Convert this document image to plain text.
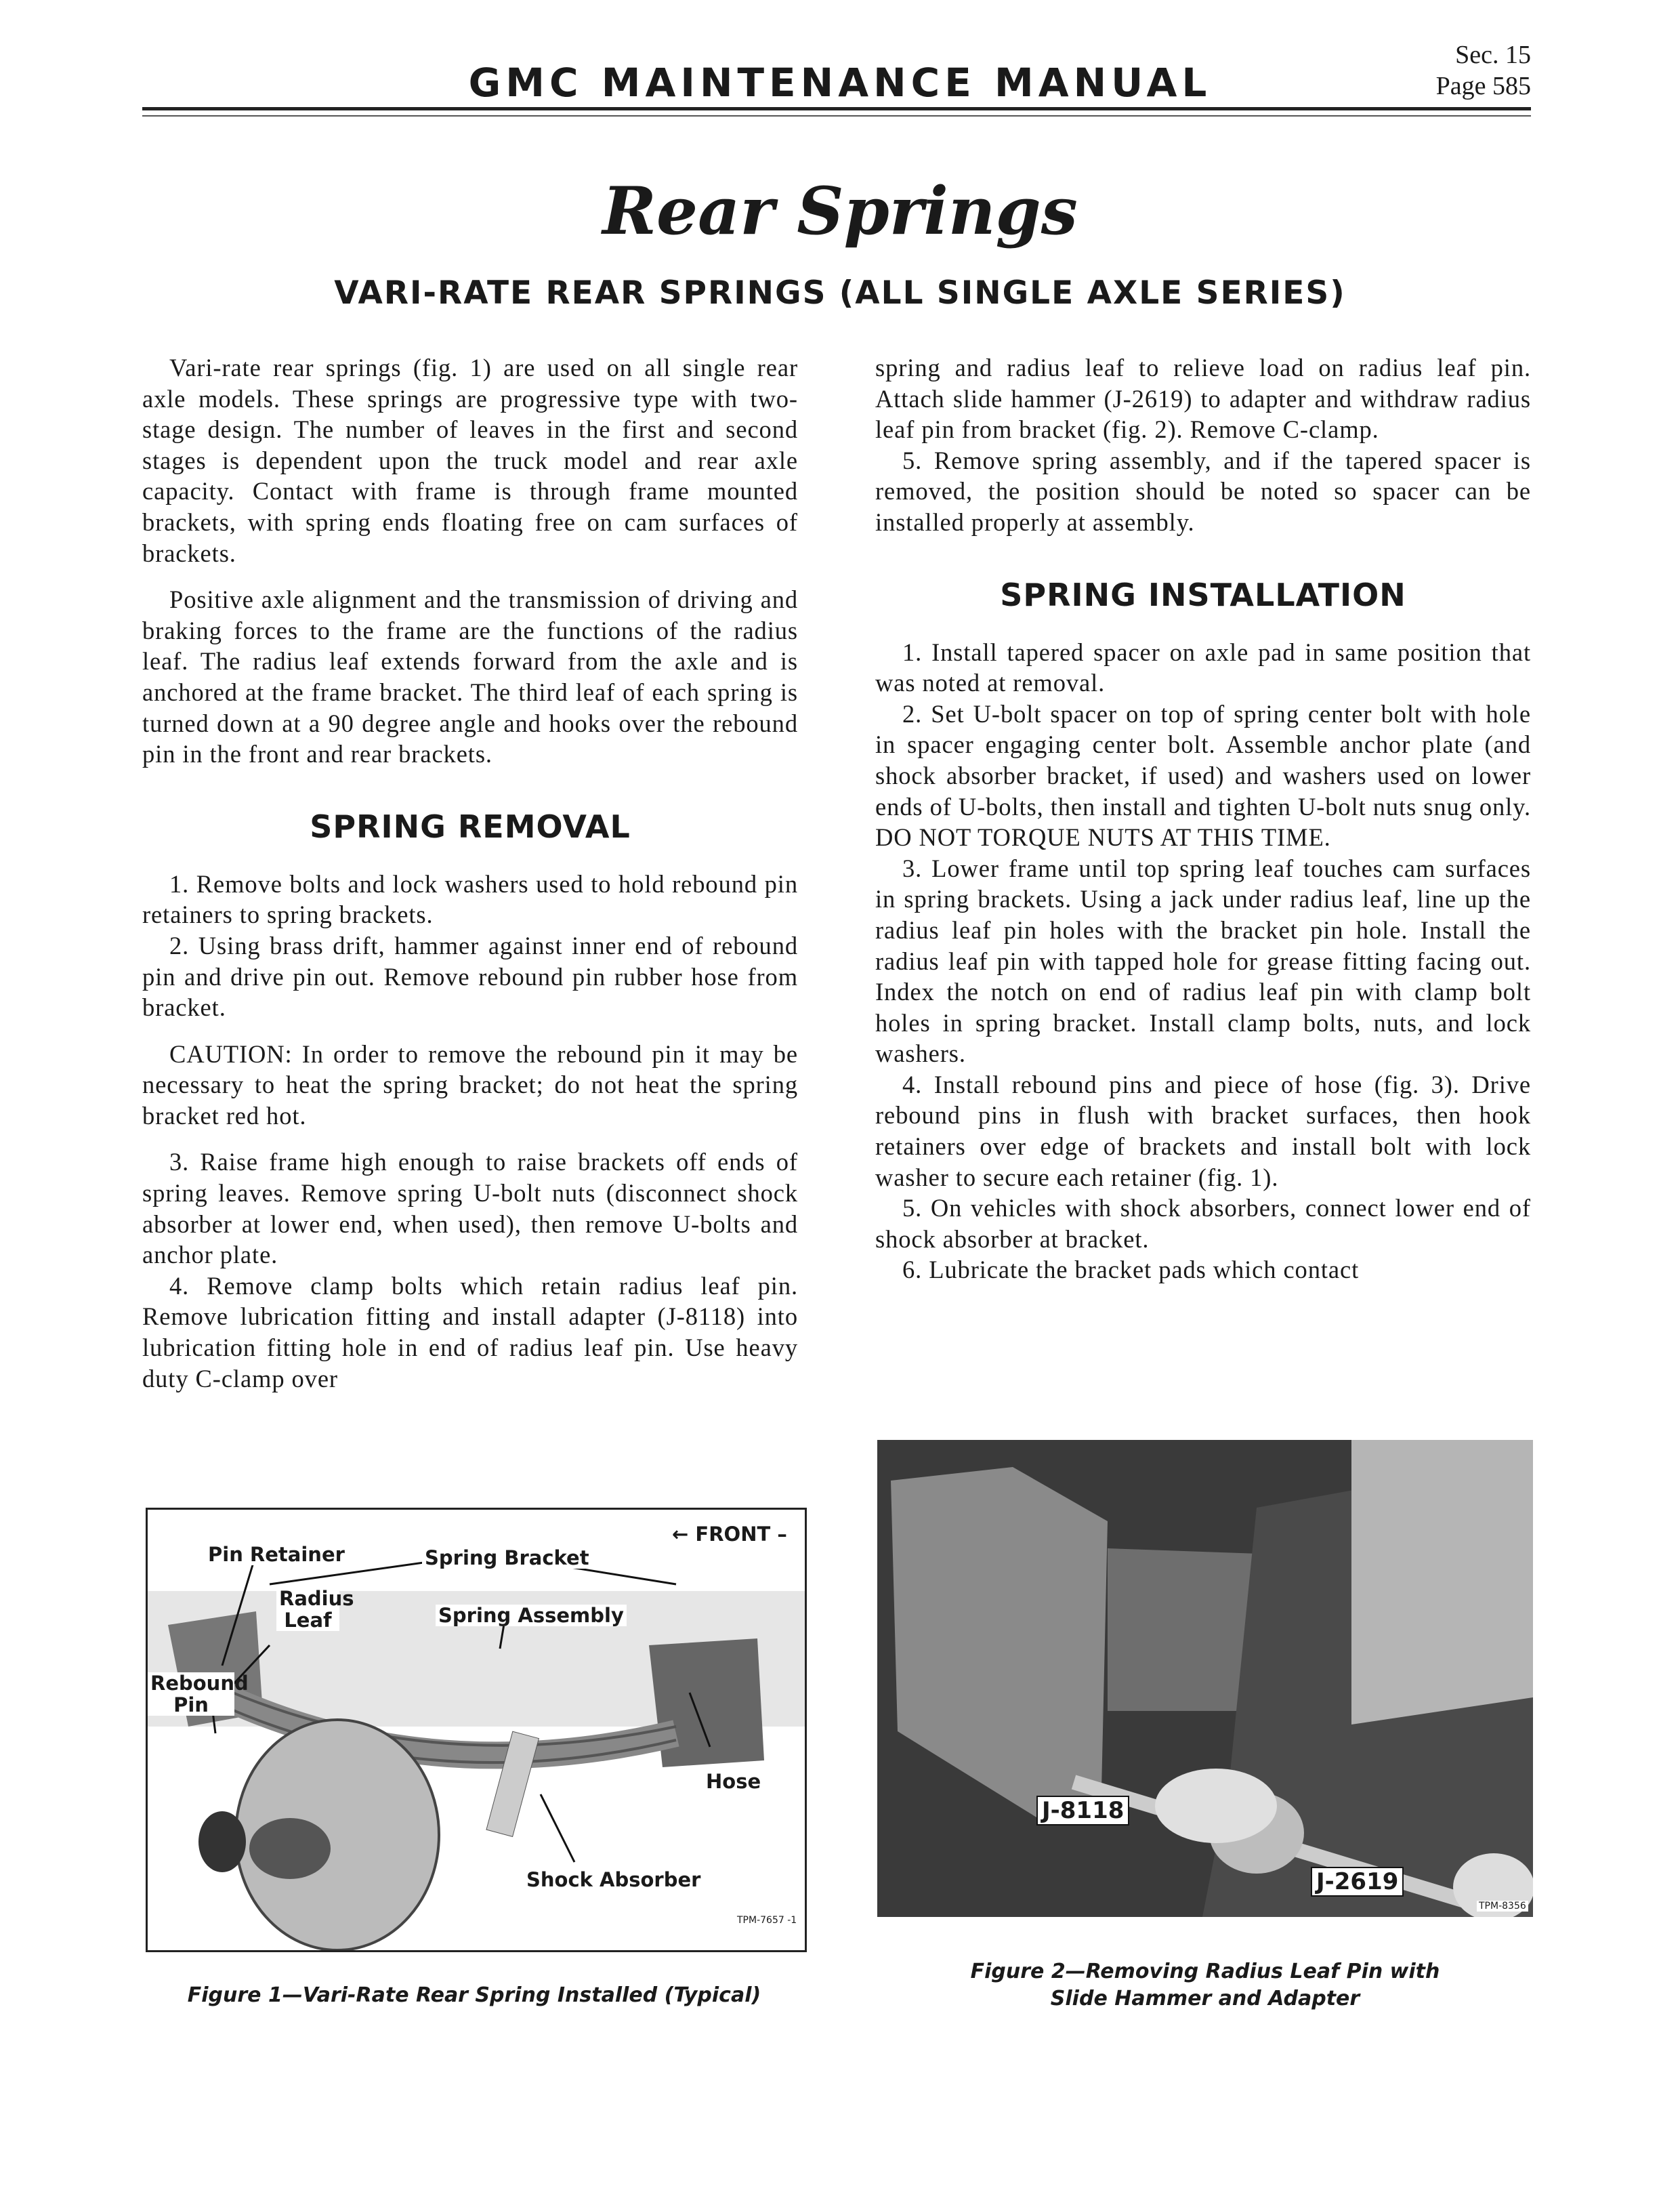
GMC MAINTENANCE MANUAL
Sec. 15
Page 585
Rear Springs
VARI-RATE REAR SPRINGS (ALL SINGLE AXLE SERIES)

Vari-rate rear springs (fig. 1) are used on all single rear axle models. These springs are progressive type with two-stage design. The number of leaves in the first and second stages is dependent upon the truck model and rear axle capacity. Contact with frame is through frame mounted brackets, with spring ends floating free on cam surfaces of brackets.

Positive axle alignment and the transmission of driving and braking forces to the frame are the functions of the radius leaf. The radius leaf extends forward from the axle and is anchored at the frame bracket. The third leaf of each spring is turned down at a 90 degree angle and hooks over the rebound pin in the front and rear brackets.

SPRING REMOVAL

1. Remove bolts and lock washers used to hold rebound pin retainers to spring brackets.

2. Using brass drift, hammer against inner end of rebound pin and drive pin out. Remove rebound pin rubber hose from bracket.

CAUTION: In order to remove the rebound pin it may be necessary to heat the spring bracket; do not heat the spring bracket red hot.

3. Raise frame high enough to raise brackets off ends of spring leaves. Remove spring U-bolt nuts (disconnect shock absorber at lower end, when used), then remove U-bolts and anchor plate.

4. Remove clamp bolts which retain radius leaf pin. Remove lubrication fitting and install adapter (J-8118) into lubrication fitting hole in end of radius leaf pin. Use heavy duty C-clamp over

spring and radius leaf to relieve load on radius leaf pin. Attach slide hammer (J-2619) to adapter and withdraw radius leaf pin from bracket (fig. 2). Remove C-clamp.

5. Remove spring assembly, and if the tapered spacer is removed, the position should be noted so spacer can be installed properly at assembly.

SPRING INSTALLATION

1. Install tapered spacer on axle pad in same position that was noted at removal.

2. Set U-bolt spacer on top of spring center bolt with hole in spacer engaging center bolt. Assemble anchor plate (and shock absorber bracket, if used) and washers used on lower ends of U-bolts, then install and tighten U-bolt nuts snug only. DO NOT TORQUE NUTS AT THIS TIME.

3. Lower frame until top spring leaf touches cam surfaces in spring brackets. Using a jack under radius leaf, line up the radius leaf pin holes with the bracket pin hole. Install the radius leaf pin with tapped hole for grease fitting facing out. Index the notch on end of radius leaf pin with clamp bolt holes in spring bracket. Install clamp bolts, nuts, and lock washers.

4. Install rebound pins and piece of hose (fig. 3). Drive rebound pins in flush with bracket surfaces, then hook retainers over edge of brackets and install bolt with lock washer to secure each retainer (fig. 1).

5. On vehicles with shock absorbers, connect lower end of shock absorber at bracket.

6. Lubricate the bracket pads which contact

Pin Retainer	Spring Bracket
← FRONT –
Radius Leaf	Spring Assembly
Rebound Pin
Hose
Shock Absorber
TPM-7657 -1
Figure 1—Vari-Rate Rear Spring Installed (Typical)
J-8118
J-2619
TPM-8356
Figure 2—Removing Radius Leaf Pin with
Slide Hammer and Adapter
